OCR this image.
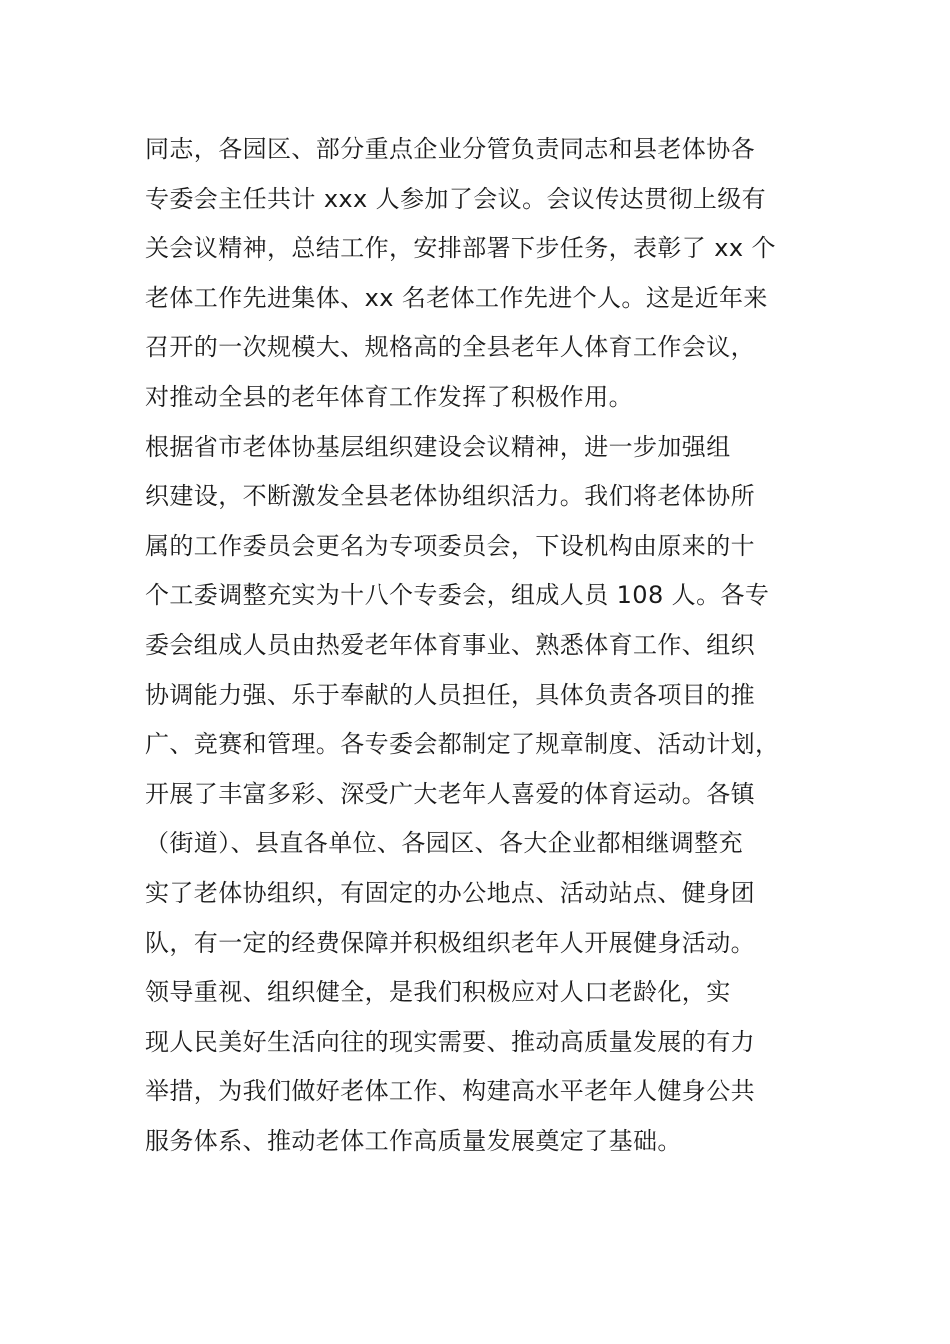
同志，各园区、部分重点企业分管负责同志和县老体协各
专委会主任共计 xxx 人参加了会议。会议传达贯彻上级有
关会议精神，总结工作，安排部署下步任务，表彰了 xx 个
老体工作先进集体、xx 名老体工作先进个人。这是近年来
召开的一次规模大、规格高的全县老年人体育工作会议，
对推动全县的老年体育工作发挥了积极作用。

根据省市老体协基层组织建设会议精神，进一步加强组
织建设，不断激发全县老体协组织活力。我们将老体协所
属的工作委员会更名为专项委员会，下设机构由原来的十
个工委调整充实为十八个专委会，组成人员 108 人。各专
委会组成人员由热爱老年体育事业、熟悉体育工作、组织
协调能力强、乐于奉献的人员担任，具体负责各项目的推
广、竞赛和管理。各专委会都制定了规章制度、活动计划，
开展了丰富多彩、深受广大老年人喜爱的体育运动。各镇
（街道）、县直各单位、各园区、各大企业都相继调整充
实了老体协组织，有固定的办公地点、活动站点、健身团
队，有一定的经费保障并积极组织老年人开展健身活动。

领导重视、组织健全，是我们积极应对人口老龄化，实
现人民美好生活向往的现实需要、推动高质量发展的有力
举措，为我们做好老体工作、构建高水平老年人健身公共
服务体系、推动老体工作高质量发展奠定了基础。
